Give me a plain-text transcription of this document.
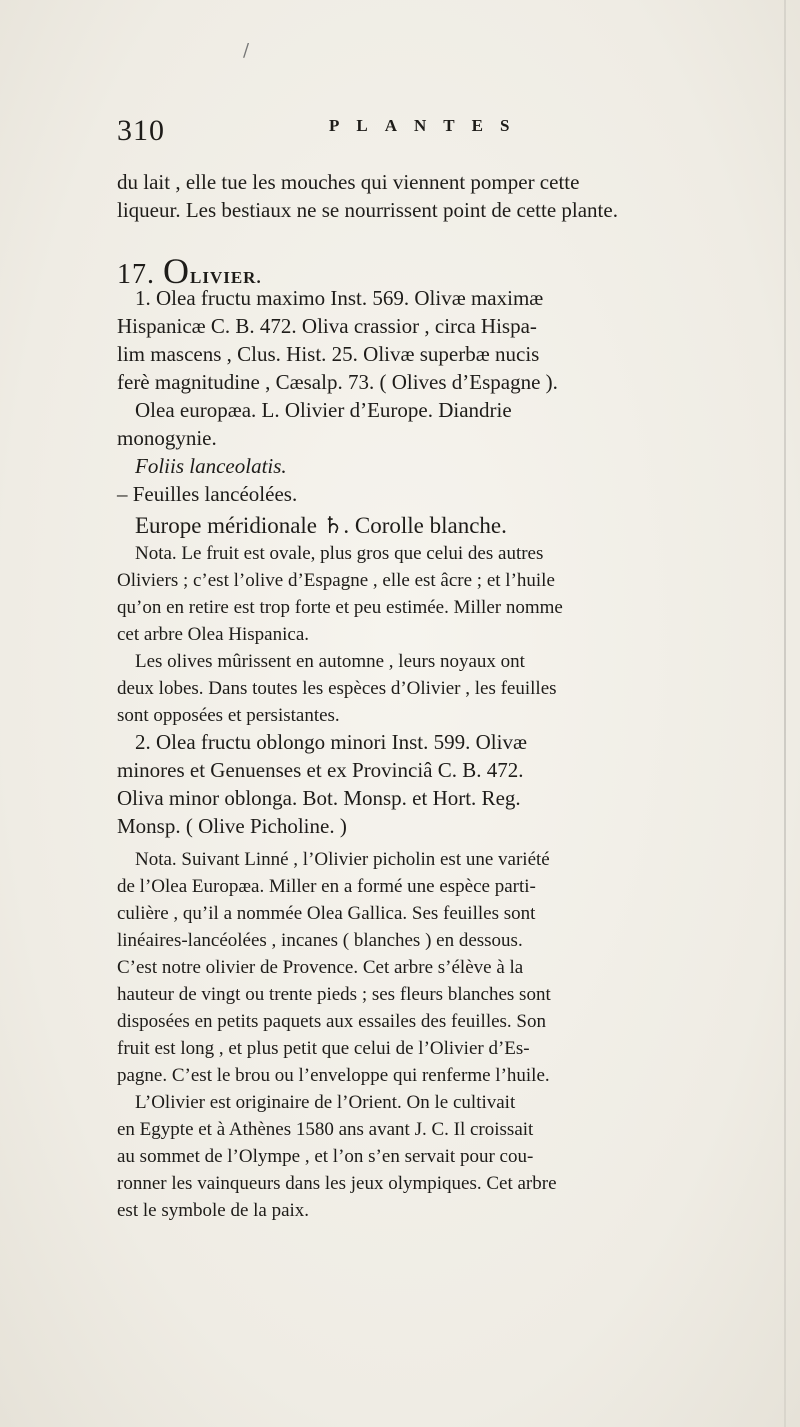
/
310	PLANTES

du lait , elle tue les mouches qui viennent pomper cette

liqueur. Les bestiaux ne se nourrissent point de cette plante.

17. OLIVIER.

1. Olea fructu maximo Inst. 569. Olivæ maximæ

Hispanicæ C. B. 472. Oliva crassior , circa Hispa-

lim mascens , Clus. Hist. 25. Olivæ superbæ nucis

ferè magnitudine , Cæsalp. 73. ( Olives d’Espagne ).

Olea europæa. L. Olivier d’Europe. Diandrie

monogynie.

Foliis lanceolatis.

– Feuilles lancéolées.

Europe méridionale ♄. Corolle blanche.

Nota. Le fruit est ovale, plus gros que celui des autres

Oliviers ; c’est l’olive d’Espagne , elle est âcre ; et l’huile

qu’on en retire est trop forte et peu estimée. Miller nomme

cet arbre Olea Hispanica.

Les olives mûrissent en automne , leurs noyaux ont

deux lobes. Dans toutes les espèces d’Olivier , les feuilles

sont opposées et persistantes.

2. Olea fructu oblongo minori Inst. 599. Olivæ

minores et Genuenses et ex Provinciâ C. B. 472.

Oliva minor oblonga. Bot. Monsp. et Hort. Reg.

Monsp. ( Olive Picholine. )

Nota. Suivant Linné , l’Olivier picholin est une variété

de l’Olea Europæa. Miller en a formé une espèce parti-

culière , qu’il a nommée Olea Gallica. Ses feuilles sont

linéaires-lancéolées , incanes ( blanches ) en dessous.

C’est notre olivier de Provence. Cet arbre s’élève à la

hauteur de vingt ou trente pieds ; ses fleurs blanches sont

disposées en petits paquets aux essailes des feuilles. Son

fruit est long , et plus petit que celui de l’Olivier d’Es-

pagne. C’est le brou ou l’enveloppe qui renferme l’huile.

L’Olivier est originaire de l’Orient. On le cultivait

en Egypte et à Athènes 1580 ans avant J. C. Il croissait

au sommet de l’Olympe , et l’on s’en servait pour cou-

ronner les vainqueurs dans les jeux olympiques. Cet arbre

est le symbole de la paix.
